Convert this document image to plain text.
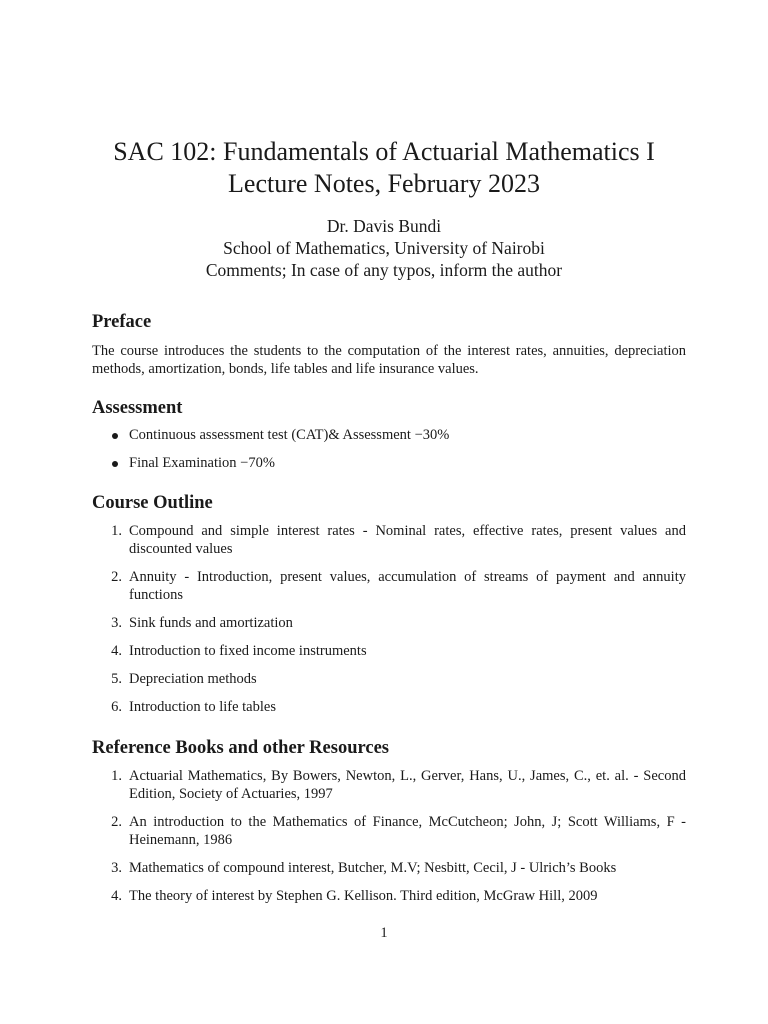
SAC 102: Fundamentals of Actuarial Mathematics I
Lecture Notes, February 2023
Dr. Davis Bundi
School of Mathematics, University of Nairobi
Comments; In case of any typos, inform the author
Preface

The course introduces the students to the computation of the interest rates, annuities, depreciation methods, amortization, bonds, life tables and life insurance values.

Assessment
Continuous assessment test (CAT)& Assessment −30%
Final Examination −70%
Course Outline
1. Compound and simple interest rates - Nominal rates, effective rates, present values and discounted values
2. Annuity - Introduction, present values, accumulation of streams of payment and annuity functions
3. Sink funds and amortization
4. Introduction to fixed income instruments
5. Depreciation methods
6. Introduction to life tables
Reference Books and other Resources
1. Actuarial Mathematics, By Bowers, Newton, L., Gerver, Hans, U., James, C., et. al. - Second Edition, Society of Actuaries, 1997
2. An introduction to the Mathematics of Finance, McCutcheon; John, J; Scott Williams, F - Heinemann, 1986
3. Mathematics of compound interest, Butcher, M.V; Nesbitt, Cecil, J - Ulrich’s Books
4. The theory of interest by Stephen G. Kellison. Third edition, McGraw Hill, 2009
1
